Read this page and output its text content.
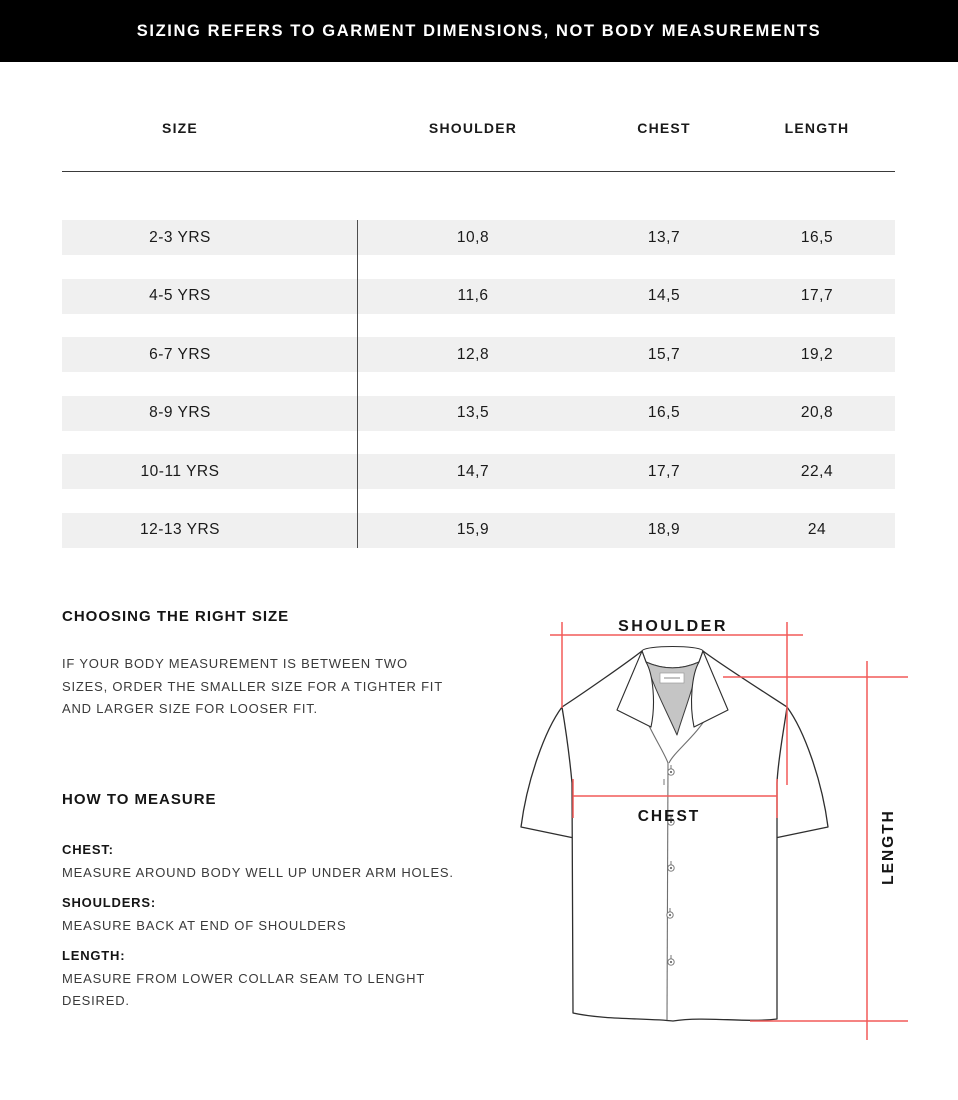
SIZING REFERS TO GARMENT DIMENSIONS, NOT BODY MEASUREMENTS
SIZE	SHOULDER	CHEST	LENGTH
2-3 YRS	10,8	13,7	16,5
4-5 YRS	11,6	14,5	17,7
6-7 YRS	12,8	15,7	19,2
8-9 YRS	13,5	16,5	20,8
10-11 YRS	14,7	17,7	22,4
12-13 YRS	15,9	18,9	24
CHOOSING THE RIGHT SIZE
IF YOUR BODY MEASUREMENT IS BETWEEN TWO
SIZES, ORDER THE SMALLER SIZE FOR A TIGHTER FIT
AND LARGER SIZE FOR LOOSER FIT.
HOW TO MEASURE
CHEST:
MEASURE AROUND BODY WELL UP UNDER ARM HOLES.
SHOULDERS:
MEASURE BACK AT END OF SHOULDERS
LENGTH:
MEASURE FROM LOWER COLLAR SEAM TO LENGHT
DESIRED.
SHOULDER
CHEST	LENGTH
